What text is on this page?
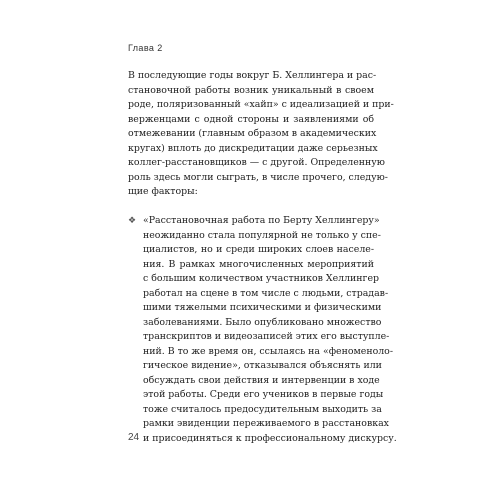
Глава 2
В последующие годы вокруг Б. Хеллингера и рас-
становочной работы возник уникальный в своем
роде, поляризованный «хайп» с идеализацией и при-
верженцами с одной стороны и заявлениями об
отмежевании (главным образом в академических
кругах) вплоть до дискредитации даже серьезных
коллег-расстановщиков — с другой. Определенную
роль здесь могли сыграть, в числе прочего, следую-
щие факторы:
❖ «Расстановочная работа по Берту Хеллингеру»
неожиданно стала популярной не только у спе-
циалистов, но и среди широких слоев населе-
ния. В рамках многочисленных мероприятий
с большим количеством участников Хеллингер
работал на сцене в том числе с людьми, страдав-
шими тяжелыми психическими и физическими
заболеваниями. Было опубликовано множество
транскриптов и видеозаписей этих его выступле-
ний. В то же время он, ссылаясь на «феноменоло-
гическое видение», отказывался объяснять или
обсуждать свои действия и интервенции в ходе
этой работы. Среди его учеников в первые годы
тоже считалось предосудительным выходить за
рамки эвиденции переживаемого в расстановках
и присоединяться к профессиональному дискурсу.
24
